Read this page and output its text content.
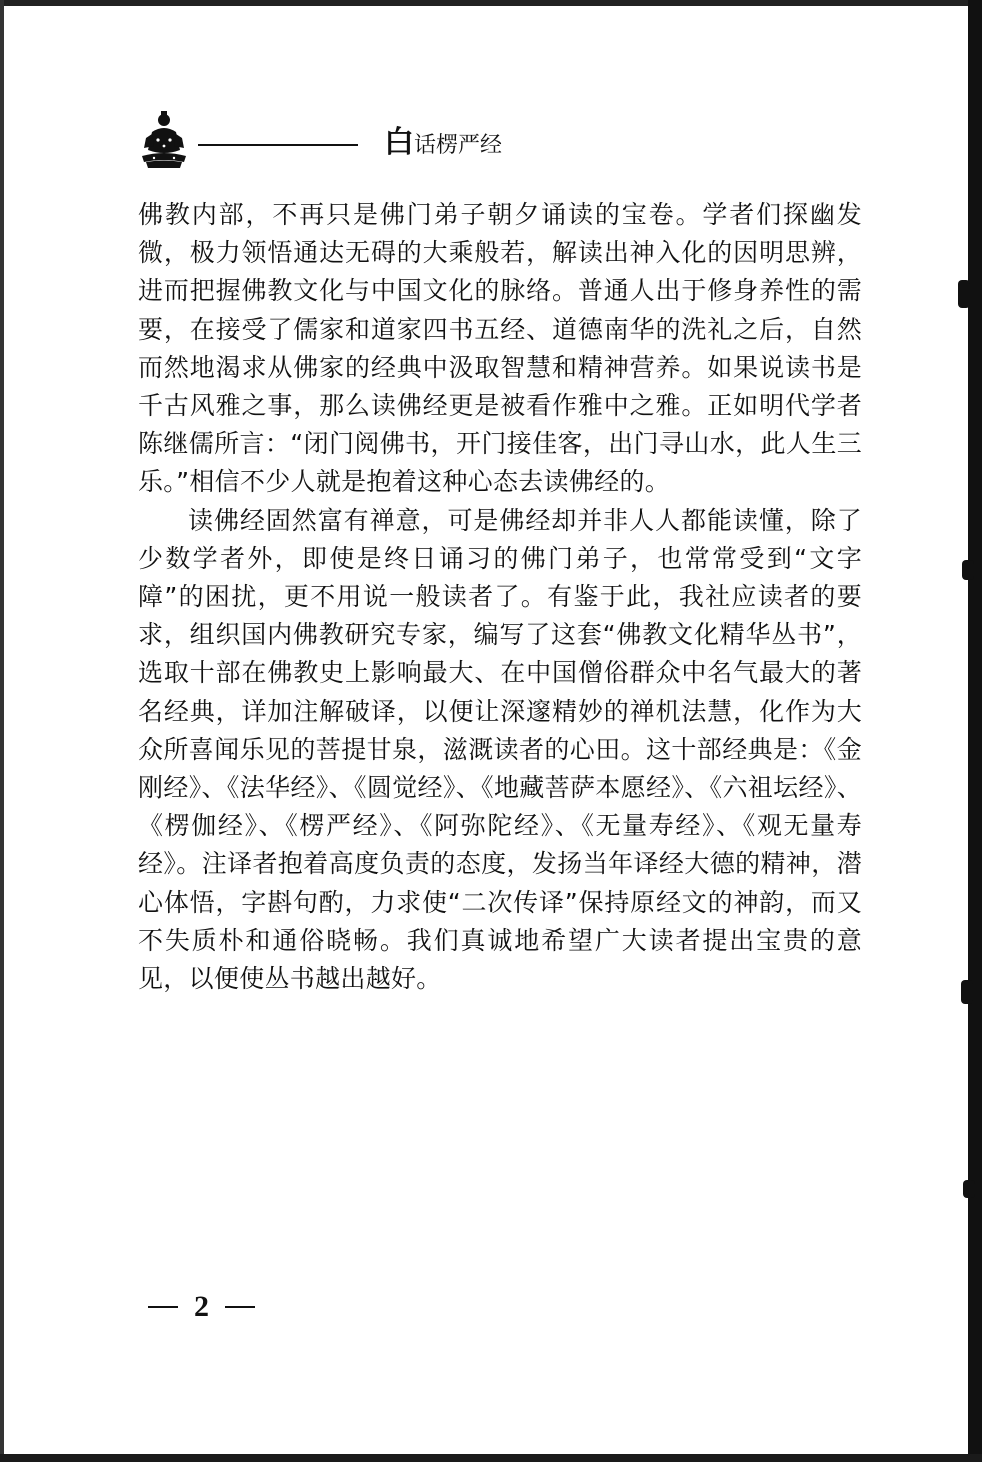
白话楞严经

佛教内部，不再只是佛门弟子朝夕诵读的宝卷。学者们探幽发微，极力领悟通达无碍的大乘般若，解读出神入化的因明思辨，进而把握佛教文化与中国文化的脉络。普通人出于修身养性的需要，在接受了儒家和道家四书五经、道德南华的洗礼之后，自然而然地渴求从佛家的经典中汲取智慧和精神营养。如果说读书是千古风雅之事，那么读佛经更是被看作雅中之雅。正如明代学者陈继儒所言：“闭门阅佛书，开门接佳客，出门寻山水，此人生三乐。”相信不少人就是抱着这种心态去读佛经的。

读佛经固然富有禅意，可是佛经却并非人人都能读懂，除了少数学者外，即使是终日诵习的佛门弟子，也常常受到“文字障”的困扰，更不用说一般读者了。有鉴于此，我社应读者的要求，组织国内佛教研究专家，编写了这套“佛教文化精华丛书”，选取十部在佛教史上影响最大、在中国僧俗群众中名气最大的著名经典，详加注解破译，以便让深邃精妙的禅机法慧，化作为大众所喜闻乐见的菩提甘泉，滋溉读者的心田。这十部经典是：《金刚经》、《法华经》、《圆觉经》、《地藏菩萨本愿经》、《六祖坛经》、《楞伽经》、《楞严经》、《阿弥陀经》、《无量寿经》、《观无量寿经》。注译者抱着高度负责的态度，发扬当年译经大德的精神，潜心体悟，字斟句酌，力求使“二次传译”保持原经文的神韵，而又不失质朴和通俗晓畅。我们真诚地希望广大读者提出宝贵的意见，以便使丛书越出越好。

2
